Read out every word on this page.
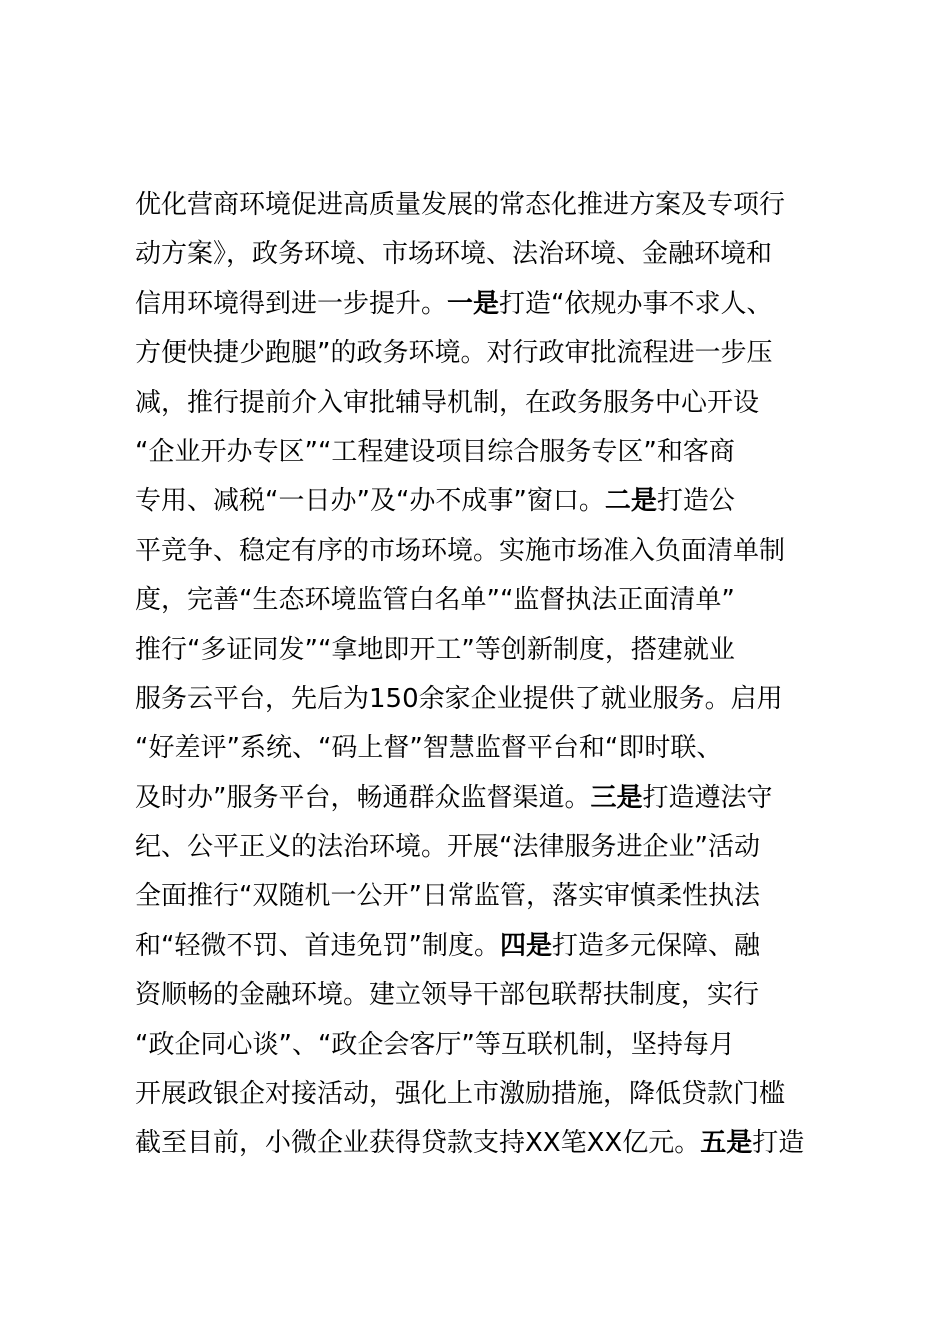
优化营商环境促进高质量发展的常态化推进方案及专项行
动方案》，政务环境、市场环境、法治环境、金融环境和
信用环境得到进一步提升。一是打造“依规办事不求人、
方便快捷少跑腿”的政务环境。对行政审批流程进一步压
减，推行提前介入审批辅导机制，在政务服务中心开设
“企业开办专区”“工程建设项目综合服务专区”和客商
专用、减税“一日办”及“办不成事”窗口。二是打造公
平竞争、稳定有序的市场环境。实施市场准入负面清单制
度，完善“生态环境监管白名单”“监督执法正面清单”
推行“多证同发”“拿地即开工”等创新制度，搭建就业
服务云平台，先后为150余家企业提供了就业服务。启用
“好差评”系统、“码上督”智慧监督平台和“即时联、
及时办”服务平台，畅通群众监督渠道。三是打造遵法守
纪、公平正义的法治环境。开展“法律服务进企业”活动
全面推行“双随机一公开”日常监管，落实审慎柔性执法
和“轻微不罚、首违免罚”制度。四是打造多元保障、融
资顺畅的金融环境。建立领导干部包联帮扶制度，实行
“政企同心谈”、“政企会客厅”等互联机制，坚持每月
开展政银企对接活动，强化上市激励措施，降低贷款门槛
截至目前，小微企业获得贷款支持XX笔XX亿元。五是打造
